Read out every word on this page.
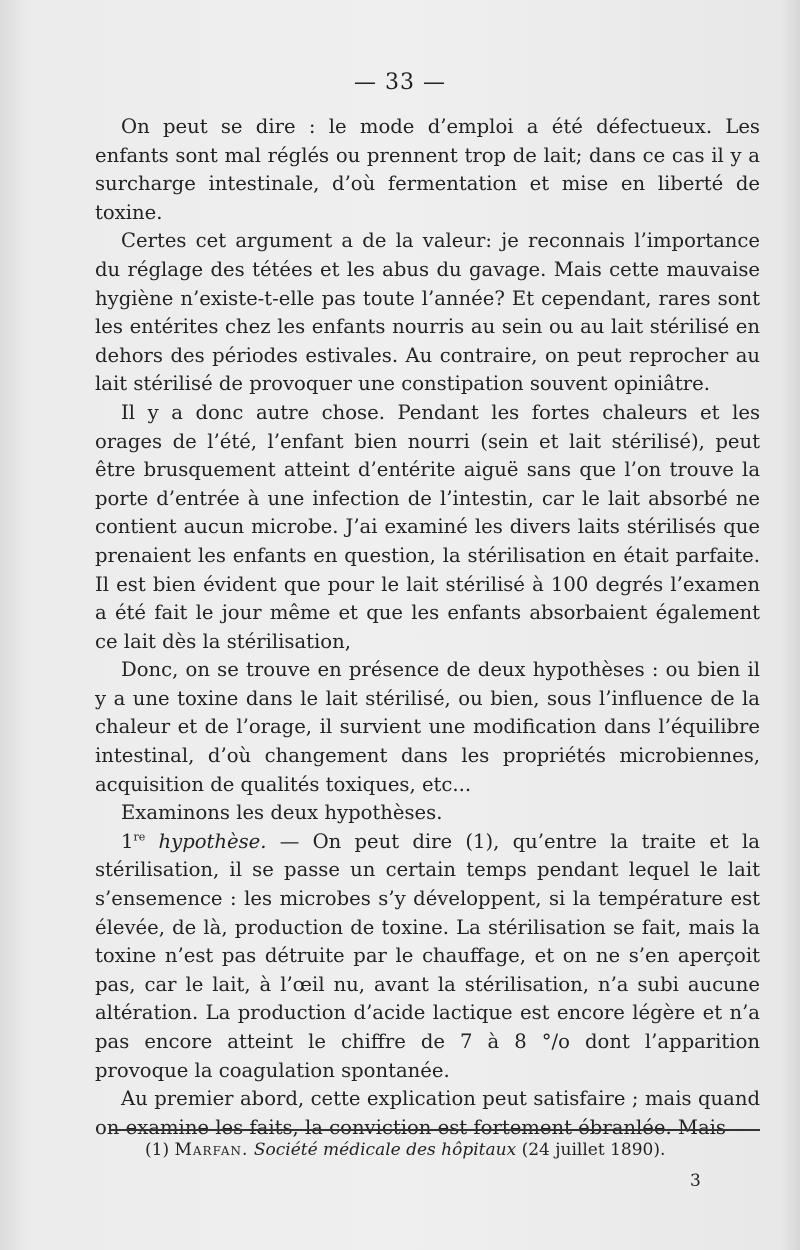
— 33 —

On peut se dire : le mode d’emploi a été défectueux. Les enfants sont mal réglés ou prennent trop de lait; dans ce cas il y a surcharge intestinale, d’où fermentation et mise en liberté de toxine.

Certes cet argument a de la valeur: je reconnais l’importance du réglage des tétées et les abus du gavage. Mais cette mauvaise hygiène n’existe-t-elle pas toute l’année? Et cependant, rares sont les entérites chez les enfants nourris au sein ou au lait stérilisé en dehors des périodes estivales. Au contraire, on peut reprocher au lait stérilisé de provoquer une constipation souvent opiniâtre.

Il y a donc autre chose. Pendant les fortes chaleurs et les orages de l’été, l’enfant bien nourri (sein et lait stérilisé), peut être brusquement atteint d’entérite aiguë sans que l’on trouve la porte d’entrée à une infection de l’intestin, car le lait absorbé ne contient aucun microbe. J’ai examiné les divers laits stérilisés que prenaient les enfants en question, la stérilisation en était parfaite. Il est bien évident que pour le lait stérilisé à 100 degrés l’examen a été fait le jour même et que les enfants absorbaient également ce lait dès la stérilisation,

Donc, on se trouve en présence de deux hypothèses : ou bien il y a une toxine dans le lait stérilisé, ou bien, sous l’influence de la chaleur et de l’orage, il survient une modification dans l’équilibre intestinal, d’où changement dans les propriétés microbiennes, acquisition de qualités toxiques, etc...

Examinons les deux hypothèses.

1re hypothèse. — On peut dire (1), qu’entre la traite et la stérilisation, il se passe un certain temps pendant lequel le lait s’ensemence : les microbes s’y développent, si la température est élevée, de là, production de toxine. La stérilisation se fait, mais la toxine n’est pas détruite par le chauffage, et on ne s’en aperçoit pas, car le lait, à l’œil nu, avant la stérilisation, n’a subi aucune altération. La production d’acide lactique est encore légère et n’a pas encore atteint le chiffre de 7 à 8 °/o dont l’apparition provoque la coagulation spontanée.

Au premier abord, cette explication peut satisfaire ; mais quand on examine les faits, la conviction est fortement ébranlée. Mais

(1) Marfan. Société médicale des hôpitaux (24 juillet 1890).
3
